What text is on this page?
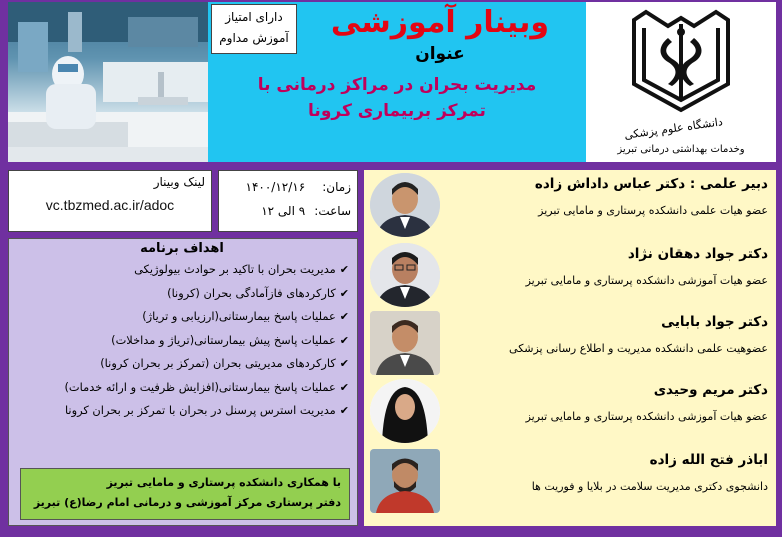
دارای امتیاز
آموزش مداوم	وبینار آموزشی
عنوان
مدیریت بحران در مراکز درمانی با
تمرکز بربیماری کرونا
دانشگاه علوم پزشکی
وخدمات بهداشتی درمانی تبریز
لینک وبینار
vc.tbzmed.ac.ir/adoc
زمان: ۱۴۰۰/۱۲/۱۶
ساعت: ۹ الی ۱۲
اهداف برنامه
✔مدیریت بحران با تاکید بر حوادث بیولوژیکی
✔کارکردهای فازآمادگی بحران (کرونا)
✔عملیات پاسخ بیمارستانی(ارزیابی و تریاژ)
✔عملیات پاسخ پیش بیمارستانی(تریاژ و مداخلات)
✔کارکردهای مدیریتی بحران (تمرکز بر بحران کرونا)
✔عملیات پاسخ بیمارستانی(افزایش ظرفیت و ارائه خدمات)
✔مدیریت استرس پرسنل در بحران با تمرکز بر بحران کرونا
با همکاری دانشکده پرستاری و مامایی تبریز
دفتر پرستاری مرکز آموزشی و درمانی امام رضا(ع) تبریز
دبیر علمی : دکتر عباس داداش زاده
عضو هیات علمی دانشکده پرستاری و مامایی تبریز
دکتر جواد دهقان نژاد
عضو هیات آموزشی دانشکده پرستاری و مامایی تبریز
دکتر جواد بابایی
عضوهیت علمی دانشکده مدیریت و اطلاع رسانی پزشکی
دکتر مریم وحیدی
عضو هیات آموزشی دانشکده پرستاری و مامایی تبریز
اباذر فتح الله زاده
دانشجوی دکتری مدیریت سلامت در بلایا و فوریت ها
